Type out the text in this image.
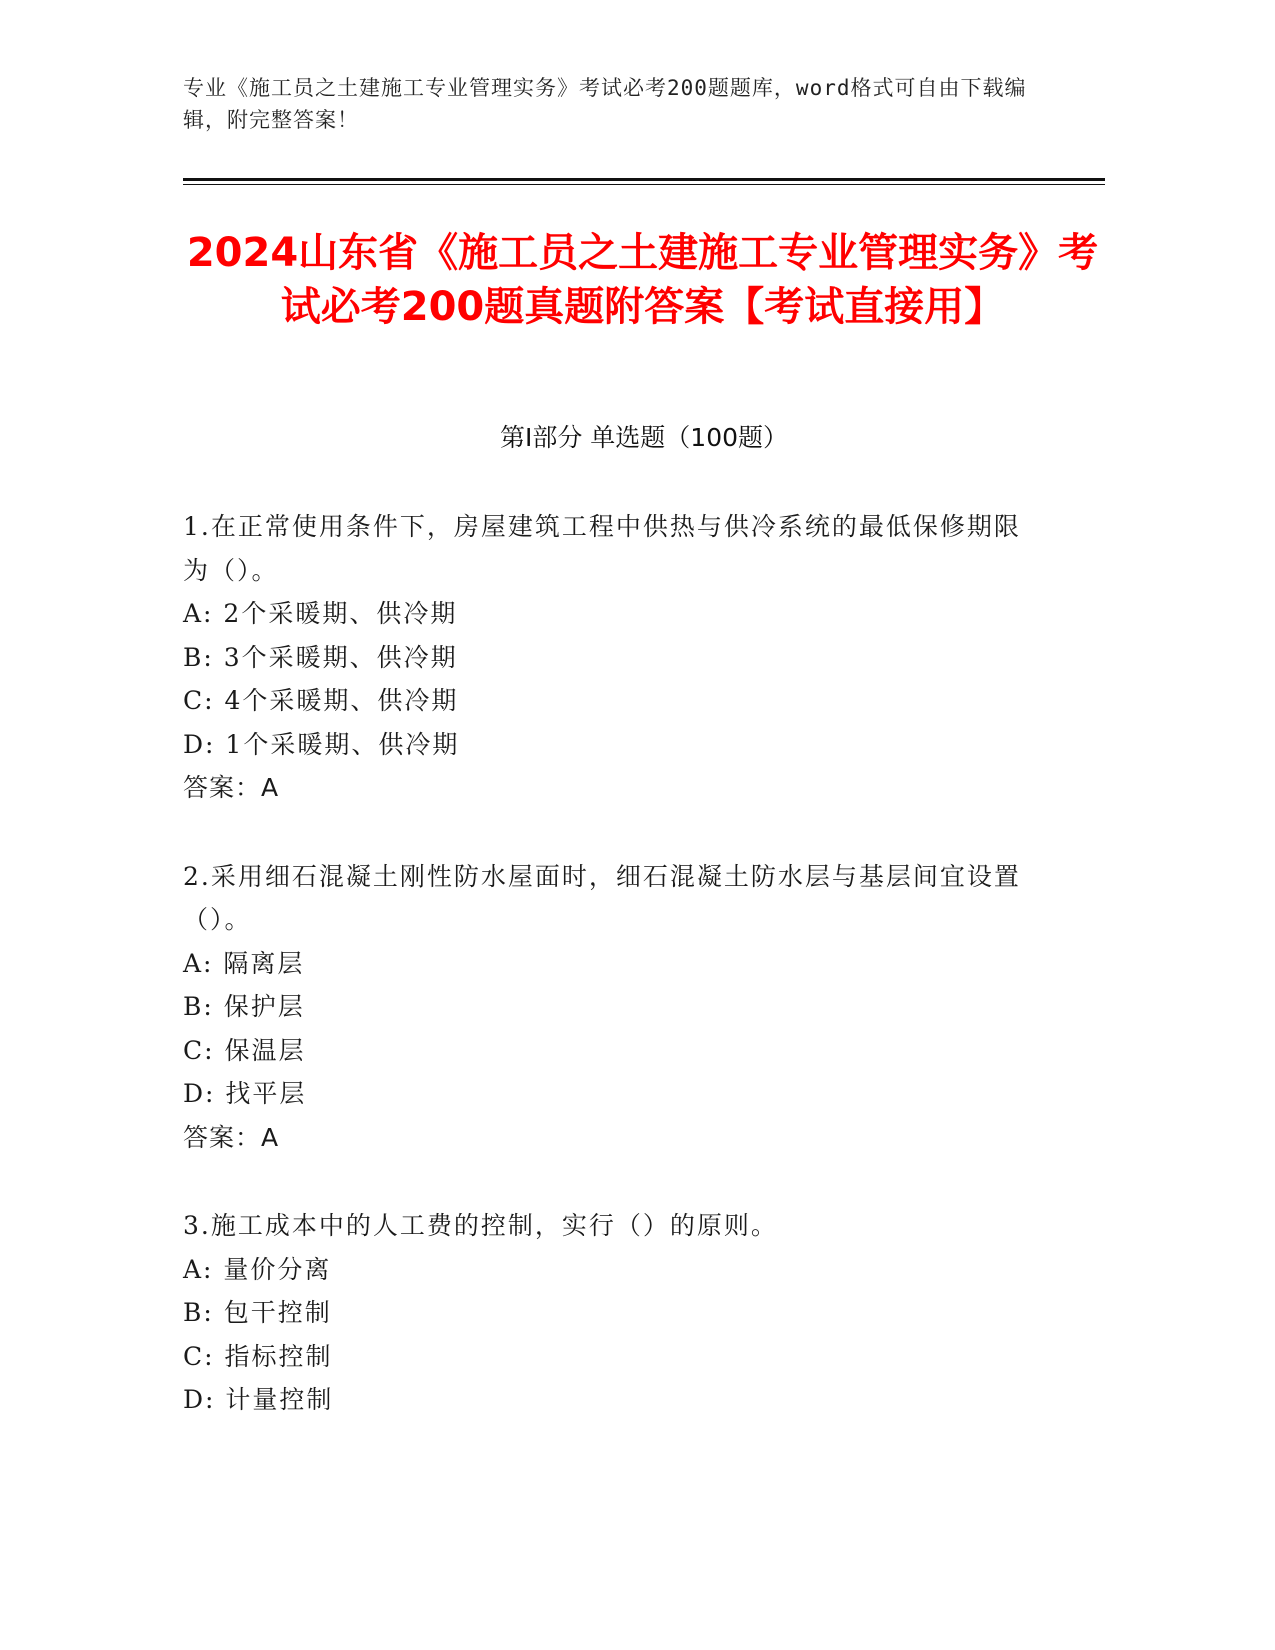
专业《施工员之土建施工专业管理实务》考试必考200题题库，word格式可自由下载编辑，附完整答案！
2024山东省《施工员之土建施工专业管理实务》考试必考200题真题附答案【考试直接用】
第I部分 单选题（100题）
1.在正常使用条件下，房屋建筑工程中供热与供冷系统的最低保修期限为（）。
A: 2个采暖期、供冷期
B: 3个采暖期、供冷期
C: 4个采暖期、供冷期
D: 1个采暖期、供冷期
答案：A
2.采用细石混凝土刚性防水屋面时，细石混凝土防水层与基层间宜设置（）。
A: 隔离层
B: 保护层
C: 保温层
D: 找平层
答案：A
3.施工成本中的人工费的控制，实行（）的原则。
A: 量价分离
B: 包干控制
C: 指标控制
D: 计量控制
